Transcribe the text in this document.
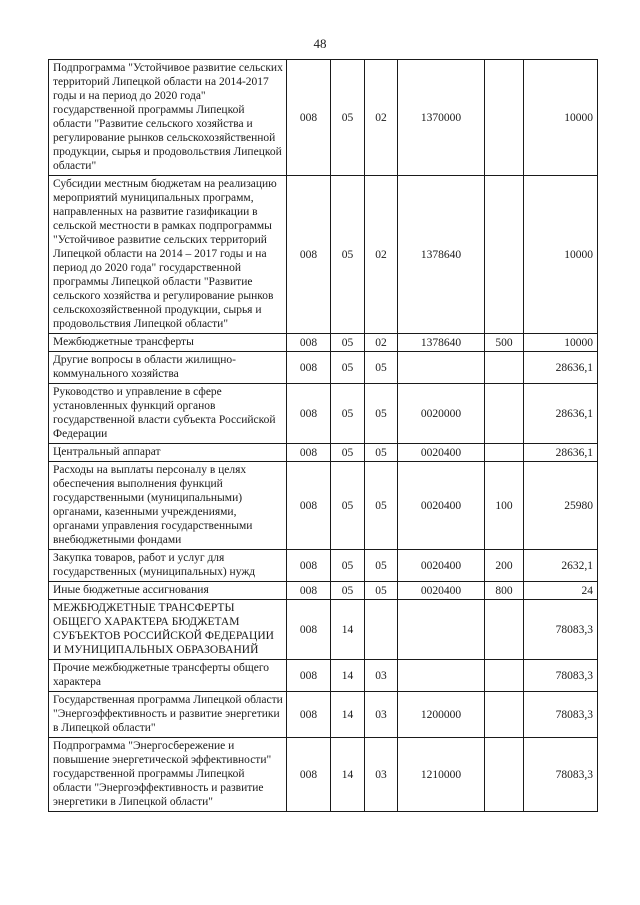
48
Подпрограмма "Устойчивое развитие сельских территорий Липецкой области на 2014-2017 годы и на период до 2020 года" государственной программы Липецкой области "Развитие сельского хозяйства и регулирование рынков сельскохозяйственной продукции, сырья и продовольствия Липецкой области"	008	05	02	1370000		10000
Субсидии местным бюджетам на реализацию мероприятий муниципальных программ, направленных на развитие газификации в сельской местности в рамках подпрограммы "Устойчивое развитие сельских территорий Липецкой области на 2014 – 2017 годы и на период до 2020 года" государственной программы Липецкой области "Развитие сельского хозяйства и регулирование рынков сельскохозяйственной продукции, сырья и продовольствия Липецкой области"	008	05	02	1378640		10000
Межбюджетные трансферты	008	05	02	1378640	500	10000
Другие вопросы в области жилищно-коммунального хозяйства	008	05	05			28636,1
Руководство и управление в сфере установленных функций органов государственной власти субъекта Российской Федерации	008	05	05	0020000		28636,1
Центральный аппарат	008	05	05	0020400		28636,1
Расходы на выплаты персоналу в целях обеспечения выполнения функций государственными (муниципальными) органами, казенными учреждениями, органами управления государственными внебюджетными фондами	008	05	05	0020400	100	25980
Закупка товаров, работ и услуг для государственных (муниципальных) нужд	008	05	05	0020400	200	2632,1
Иные бюджетные ассигнования	008	05	05	0020400	800	24
МЕЖБЮДЖЕТНЫЕ ТРАНСФЕРТЫ ОБЩЕГО ХАРАКТЕРА БЮДЖЕТАМ СУБЪЕКТОВ РОССИЙСКОЙ ФЕДЕРАЦИИ И МУНИЦИПАЛЬНЫХ ОБРАЗОВАНИЙ	008	14				78083,3
Прочие межбюджетные трансферты общего характера	008	14	03			78083,3
Государственная программа Липецкой области "Энергоэффективность и развитие энергетики в Липецкой области"	008	14	03	1200000		78083,3
Подпрограмма "Энергосбережение и повышение энергетической эффективности" государственной программы Липецкой области "Энергоэффективность и развитие энергетики в Липецкой области"	008	14	03	1210000		78083,3
